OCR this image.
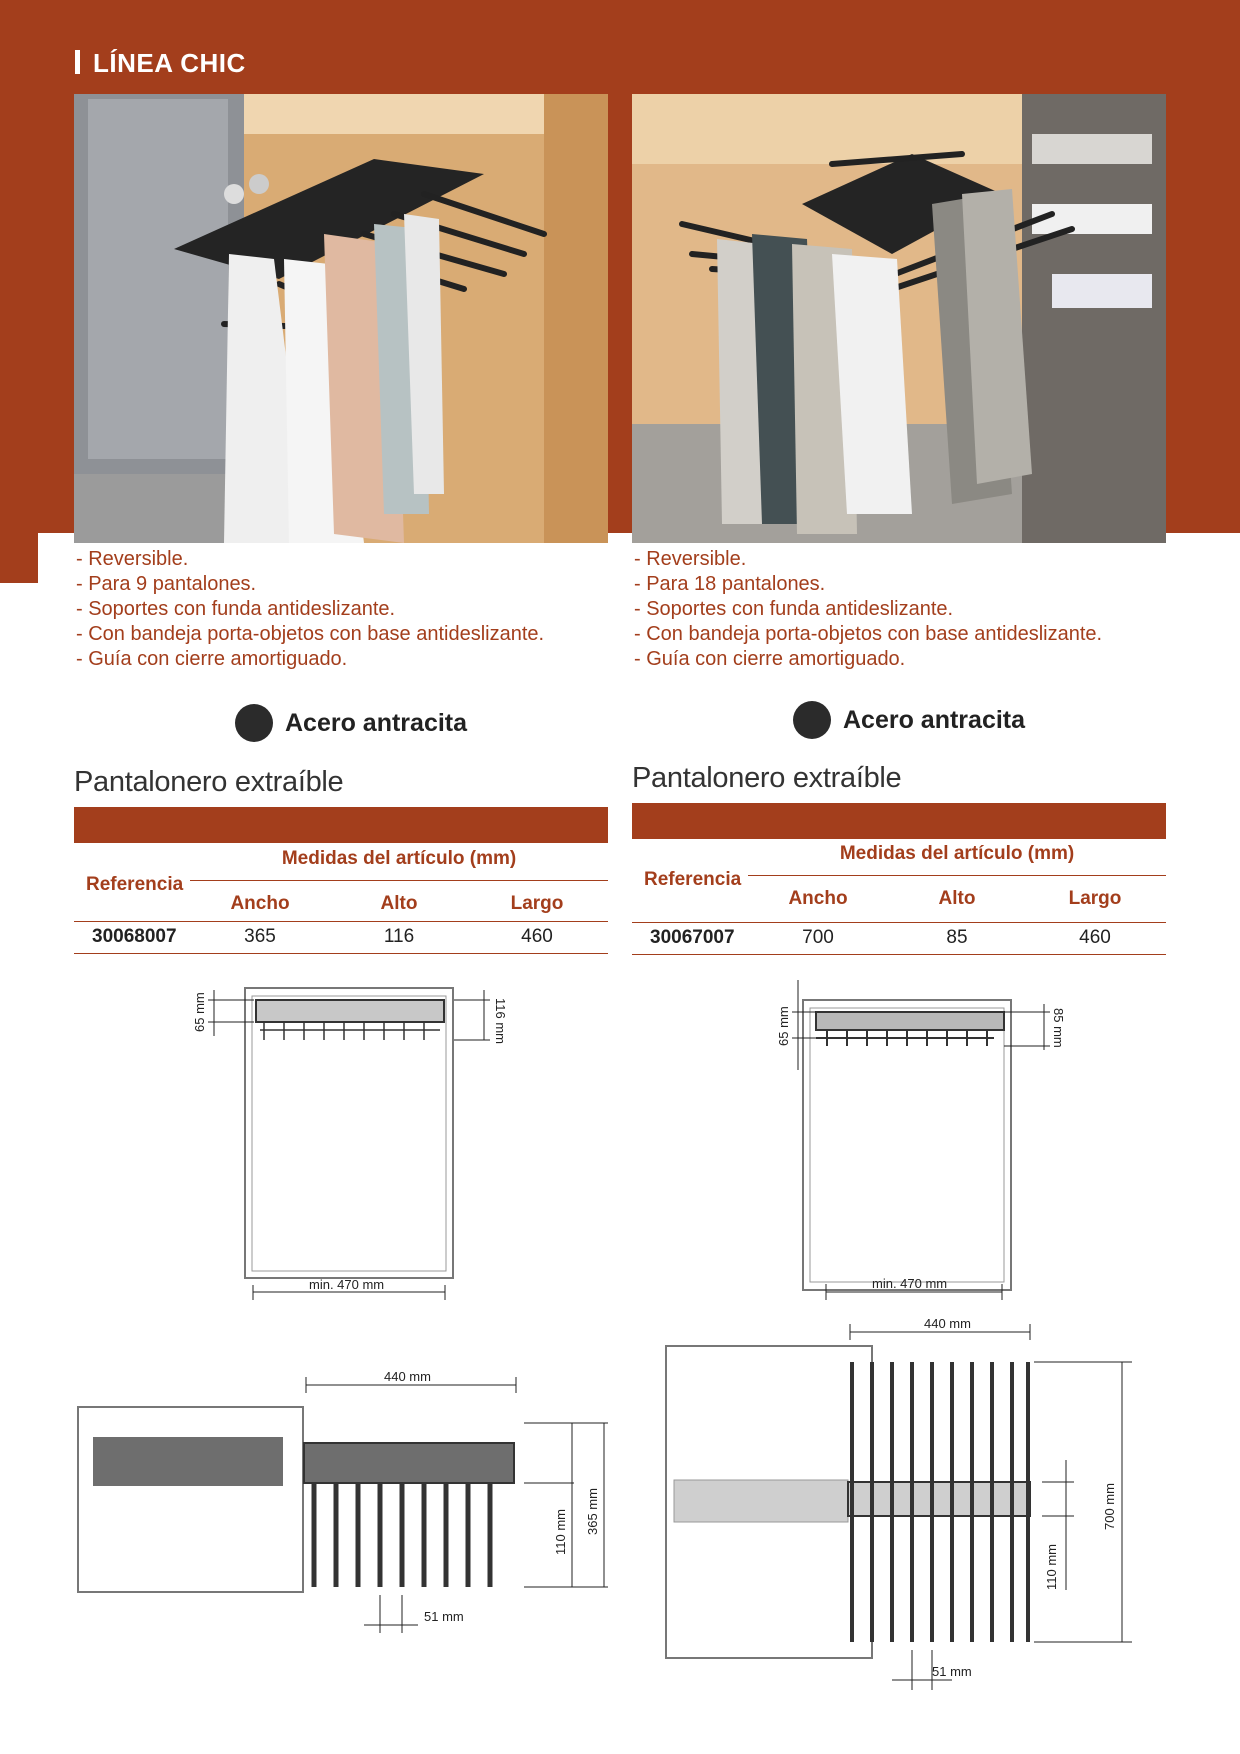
LÍNEA CHIC
- Reversible.
- Para 9 pantalones.
- Soportes con funda antideslizante.
- Con bandeja porta-objetos con base antideslizante.
- Guía con cierre amortiguado.
Acero antracita
Pantalonero extraíble
Medidas del artículo (mm)
Referencia
Ancho	Alto	Largo
30068007	365	116	460
65 mm	116 mm
min. 470 mm
440 mm
110 mm 365 mm
51 mm
- Reversible.
- Para 18 pantalones.
- Soportes con funda antideslizante.
- Con bandeja porta-objetos con base antideslizante.
- Guía con cierre amortiguado.
Acero antracita
Pantalonero extraíble
Medidas del artículo (mm)
Referencia
Ancho	Alto	Largo
30067007	700	85	460
65 mm	85 mm
min. 470 mm
440 mm
110 mm
700 mm
51 mm
